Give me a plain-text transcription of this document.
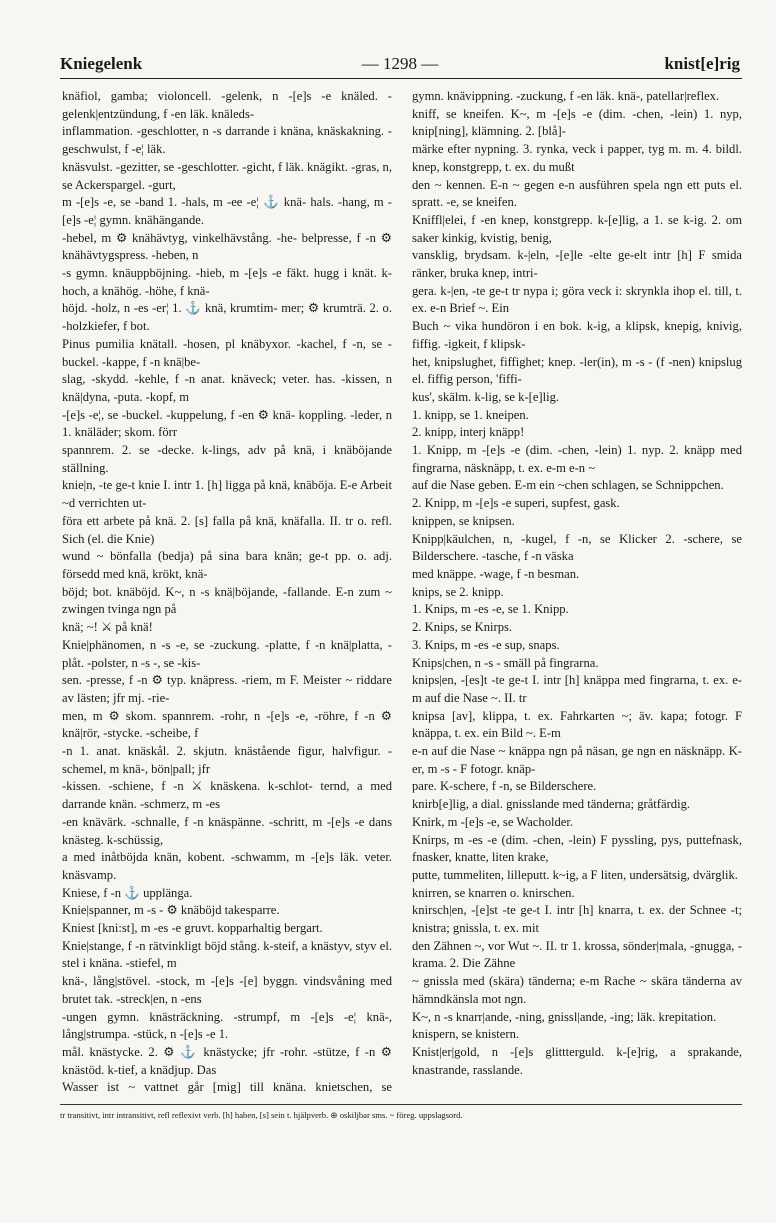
— 1298 —
Kniegelenk	knist[e]rig
knäfiol, gamba; violoncell. -gelenk, n -[e]s -e knäled. -gelenk|entzündung, f -en läk. knäleds-
inflammation. -geschlotter, n -s darrande i knäna, knäskakning. -geschwulst, f -e¦ läk.
knäsvulst. -gezitter, se -geschlotter. -gicht, f läk. knägikt. -gras, n, se Ackerspargel. -gurt,
m -[e]s -e, se -band 1. -hals, m -ee -e¦ ⚓ knä- hals. -hang, m -[e]s -e¦ gymn. knähängande.
-hebel, m ⚙ knähävtyg, vinkelhävstång. -he- belpresse, f -n ⚙ knähävtygspress. -heben, n
-s gymn. knäuppböjning. -hieb, m -[e]s -e fäkt. hugg i knät. k-hoch, a knähög. -höhe, f knä-
höjd. -holz, n -es -er¦ 1. ⚓ knä, krumtim- mer; ⚙ krumträ. 2. o. -holzkiefer, f bot.
Pinus pumilia knätall. -hosen, pl knäbyxor. -kachel, f -n, se -buckel. -kappe, f -n knä|be-
slag, -skydd. -kehle, f -n anat. knäveck; veter. has. -kissen, n knä|dyna, -puta. -kopf, m
-[e]s -e¦, se -buckel. -kuppelung, f -en ⚙ knä- koppling. -leder, n 1. knäläder; skom. förr
spannrem. 2. se -decke. k-lings, adv på knä, i knäböjande ställning.
knie|n, -te ge-t knie I. intr 1. [h] ligga på knä, knäböja. E-e Arbeit ~d verrichten ut-
föra ett arbete på knä. 2. [s] falla på knä, knäfalla. II. tr o. refl. Sich (el. die Knie)
wund ~ bönfalla (bedja) på sina bara knän; ge-t pp. o. adj. försedd med knä, krökt, knä-
böjd; bot. knäböjd. K~, n -s knä|böjande, -fallande. E-n zum ~ zwingen tvinga ngn på
knä; ~! ⚔ på knä!
Knie|phänomen, n -s -e, se -zuckung. -platte, f -n knä|platta, -plåt. -polster, n -s -, se -kis-
sen. -presse, f -n ⚙ typ. knäpress. -riem, m F. Meister ~ riddare av lästen; jfr mj. -rie-
men, m ⚙ skom. spannrem. -rohr, n -[e]s -e, -röhre, f -n ⚙ knä|rör, -stycke. -scheibe, f
-n 1. anat. knäskål. 2. skjutn. knästående figur, halvfigur. -schemel, m knä-, bön|pall; jfr
-kissen. -schiene, f -n ⚔ knäskena. k-schlot- ternd, a med darrande knän. -schmerz, m -es
-en knävärk. -schnalle, f -n knäspänne. -schritt, m -[e]s -e dans knästeg. k-schüssig,
a med inåtböjda knän, kobent. -schwamm, m -[e]s läk. veter. knäsvamp.
Kniese, f -n ⚓ upplänga.
Knie|spanner, m -s - ⚙ knäböjd takesparre.
Kniest [kni:st], m -es -e gruvt. kopparhaltig bergart.
Knie|stange, f -n rätvinkligt böjd stång. k-steif, a knästyv, styv el. stel i knäna. -stiefel, m
knä-, lång|stövel. -stock, m -[e]s -[e] byggn. vindsvåning med brutet tak. -streck|en, n -ens
-ungen gymn. knästräckning. -strumpf, m -[e]s -e¦ knä-, lång|strumpa. -stück, n -[e]s -e 1.
mål. knästycke. 2. ⚙ ⚓ knästycke; jfr -rohr. -stütze, f -n ⚙ knästöd. k-tief, a knädjup. Das
Wasser ist ~ vattnet går [mig] till knäna. knietschen, se
gymn. knävippning. -zuckung, f -en läk. knä-, patellar|reflex.
kniff, se kneifen. K~, m -[e]s -e (dim. -chen, -lein) 1. nyp, knip[ning], klämning. 2. [blå]-
märke efter nypning. 3. rynka, veck i papper, tyg m. m. 4. bildl. knep, konstgrepp, t. ex. du mußt
den ~ kennen. E-n ~ gegen e-n ausführen spela ngn ett puts el. spratt. -e, se kneifen.
Kniffl|elei, f -en knep, konstgrepp. k-[e]lig, a 1. se k-ig. 2. om saker kinkig, kvistig, benig,
vansklig, brydsam. k-|eln, -[e]le -elte ge-elt intr [h] F smida ränker, bruka knep, intri-
gera. k-|en, -te ge-t tr nypa i; göra veck i: skrynkla ihop el. till, t. ex. e-n Brief ~. Ein
Buch ~ vika hundöron i en bok. k-ig, a klipsk, knepig, knivig, fiffig. -igkeit, f klipsk-
het, knipslughet, fiffighet; knep. -ler(in), m -s - (f -nen) knipslug el. fiffig person, 'fiffi-
kus', skälm. k-lig, se k-[e]lig.
1. knipp, se 1. kneipen.
2. knipp, interj knäpp!
1. Knipp, m -[e]s -e (dim. -chen, -lein) 1. nyp. 2. knäpp med fingrarna, näsknäpp, t. ex. e-m e-n ~
auf die Nase geben. E-m ein ~chen schlagen, se Schnippchen.
2. Knipp, m -[e]s -e superi, supfest, gask.
knippen, se knipsen.
Knipp|käulchen, n, -kugel, f -n, se Klicker 2. -schere, se Bilderschere. -tasche, f -n väska
med knäppe. -wage, f -n besman.
knips, se 2. knipp.
1. Knips, m -es -e, se 1. Knipp.
2. Knips, se Knirps.
3. Knips, m -es -e sup, snaps.
Knips|chen, n -s - smäll på fingrarna.
knips|en, -[es]t -te ge-t I. intr [h] knäppa med fingrarna, t. ex. e-m auf die Nase ~. II. tr
knipsa [av], klippa, t. ex. Fahrkarten ~; äv. kapa; fotogr. F knäppa, t. ex. ein Bild ~. E-m
e-n auf die Nase ~ knäppa ngn på näsan, ge ngn en näsknäpp. K-er, m -s - F fotogr. knäp-
pare. K-schere, f -n, se Bilderschere.
knirb[e]lig, a dial. gnisslande med tänderna; gråtfärdig.
Knirk, m -[e]s -e, se Wacholder.
Knirps, m -es -e (dim. -chen, -lein) F pyssling, pys, puttefnask, fnasker, knatte, liten krake,
putte, tummeliten, lilleputt. k~ig, a F liten, undersätsig, dvärglik.
knirren, se knarren o. knirschen.
knirsch|en, -[e]st -te ge-t I. intr [h] knarra, t. ex. der Schnee -t; knistra; gnissla, t. ex. mit
den Zähnen ~, vor Wut ~. II. tr 1. krossa, sönder|mala, -gnugga, -krama. 2. Die Zähne
~ gnissla med (skära) tänderna; e-m Rache ~ skära tänderna av hämndkänsla mot ngn.
K~, n -s knarr|ande, -ning, gnissl|ande, -ing; läk. krepitation.
knispern, se knistern.
Knist|er|gold, n -[e]s glittterguld. k-[e]rig, a sprakande, knastrande, rasslande.
tr transitivt, intr intransitivt, refl reflexivt verb. [h] haben, [s] sein t. hjälpverb. ⊕ oskiljbar sms. ~ föreg. uppslagsord.
